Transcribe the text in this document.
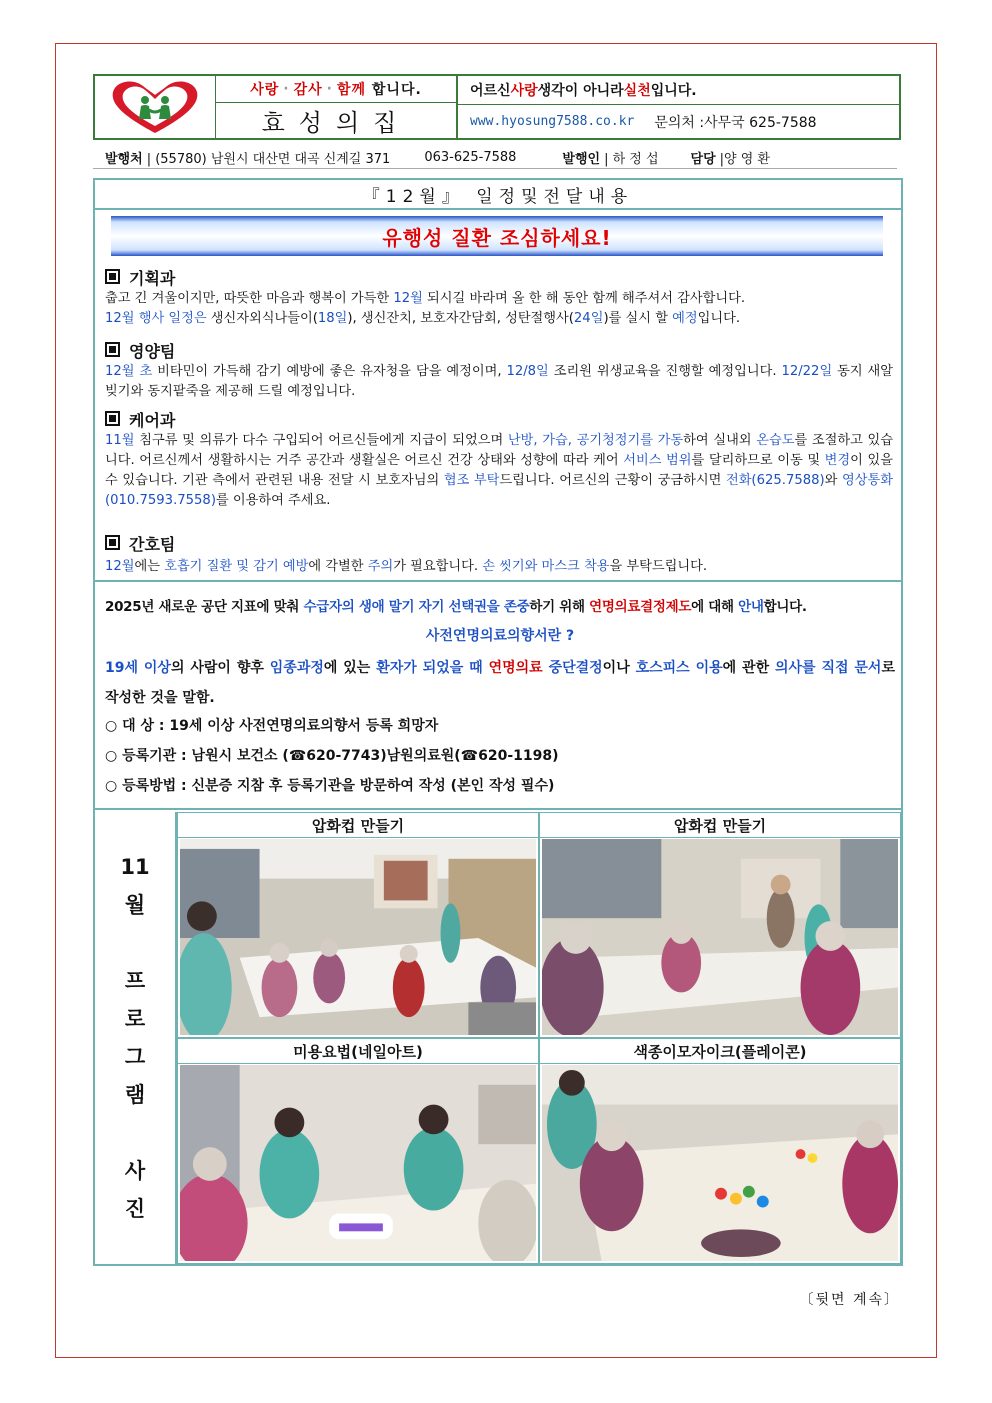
사랑 · 감사 · 함께
합니다.
효성의집
어르신 사랑 생각이 아니라 실천 입니다.
www.hyosung7588.co.kr 문의처 :사무국 625-7588
발행처 | (55780) 남원시 대산면 대곡 신계길 371	063-625-7588	발행인 | 하 정 섭 담당 |양 영 환
『12월』 일정및전달내용
유행성 질환 조심하세요!
기획과
춥고 긴 겨울이지만, 따뜻한 마음과 행복이 가득한 12월 되시길 바라며 올 한 해 동안 함께 해주셔서 감사합니다.
12월 행사 일정은 생신자외식나들이(18일), 생신잔치, 보호자간담회, 성탄절행사(24일)를 실시 할 예정입니다.
영양팀
12월 초 비타민이 가득해 감기 예방에 좋은 유자청을 담을 예정이며, 12/8일 조리원 위생교육을 진행할 예정입니다. 12/22일 동지 새알 빚기와 동지팥죽을 제공해 드릴 예정입니다.
케어과
11월 침구류 및 의류가 다수 구입되어 어르신들에게 지급이 되었으며 난방, 가습, 공기청정기를 가동하여 실내외 온습도를 조절하고 있습니다. 어르신께서 생활하시는 거주 공간과 생활실은 어르신 건강 상태와 성향에 따라 케어 서비스 범위를 달리하므로 이동 및 변경이 있을 수 있습니다. 기관 측에서 관련된 내용 전달 시 보호자님의 협조 부탁드립니다. 어르신의 근황이 궁금하시면 전화(625.7588)와 영상통화(010.7593.7558)를 이용하여 주세요.
간호팀
12월에는 호흡기 질환 및 감기 예방에 각별한 주의가 필요합니다. 손 씻기와 마스크 착용을 부탁드립니다.
2025년 새로운 공단 지표에 맞춰 수급자의 생애 말기 자기 선택권을 존중하기 위해 연명의료결정제도에 대해 안내합니다.
사전연명의료의향서란 ?
19세 이상의 사람이 향후 임종과정에 있는 환자가 되었을 때 연명의료 중단결정이나 호스피스 이용에 관한 의사를 직접 문서로 작성한 것을 말함.
○ 대 상 : 19세 이상 사전연명의료의향서 등록 희망자
○ 등록기관 : 남원시 보건소 (☎620-7743)남원의료원(☎620-1198)
○ 등록방법 : 신분증 지참 후 등록기관을 방문하여 작성 (본인 작성 필수)
11
월
프
로
그
램
사
진
압화컵 만들기	압화컵 만들기
미용요법(네일아트)	색종이모자이크(플레이콘)
〔뒷면 계속〕
